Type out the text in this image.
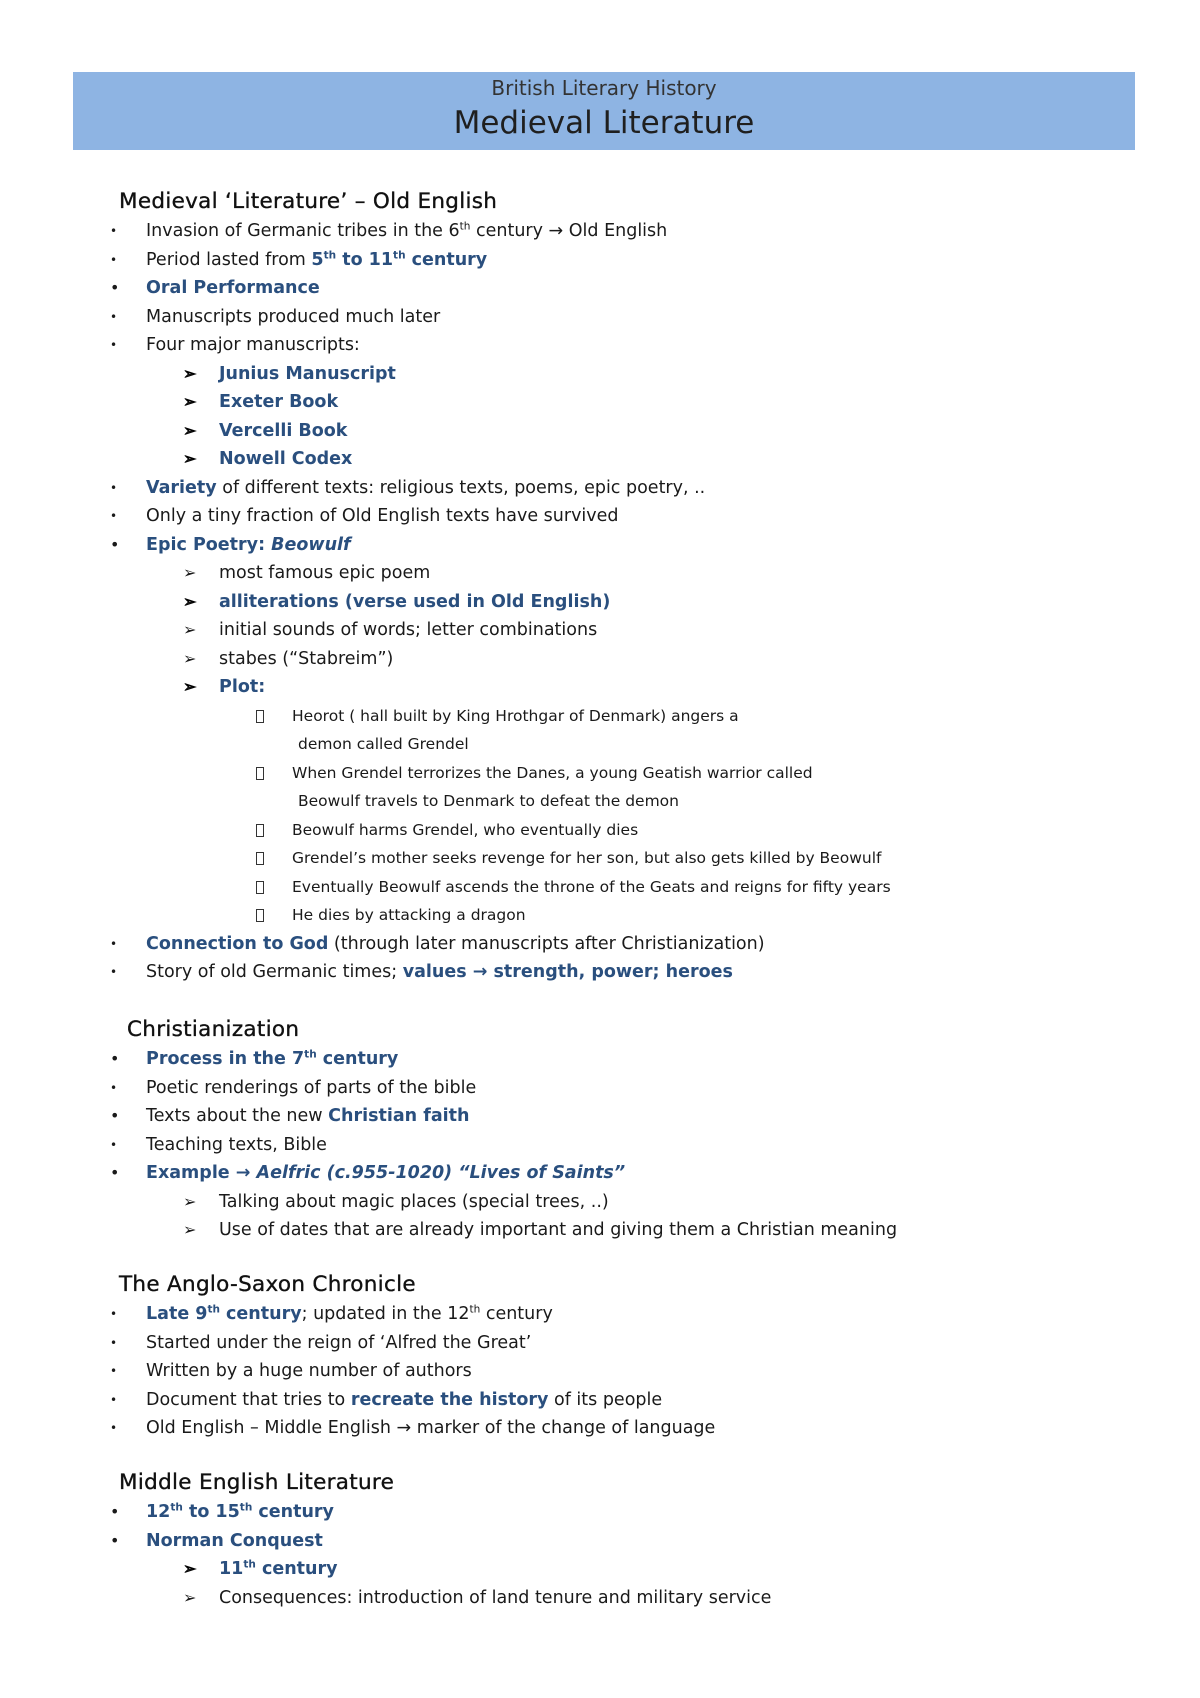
British Literary History
Medieval Literature
Medieval ‘Literature’ – Old English
• Invasion of Germanic tribes in the 6th century → Old English
• Period lasted from 5th to 11th century
• Oral Performance
• Manuscripts produced much later
• Four major manuscripts:
➢ Junius Manuscript
➢ Exeter Book
➢ Vercelli Book
➢ Nowell Codex
• Variety of different texts: religious texts, poems, epic poetry, ..
• Only a tiny fraction of Old English texts have survived
• Epic Poetry: Beowulf
➢ most famous epic poem
➢ alliterations (verse used in Old English)
➢ initial sounds of words; letter combinations
➢ stabes (“Stabreim”)
➢ Plot:
Heorot ( hall built by King Hrothgar of Denmark) angers a
demon called Grendel
When Grendel terrorizes the Danes, a young Geatish warrior called
Beowulf travels to Denmark to defeat the demon
Beowulf harms Grendel, who eventually dies
Grendel’s mother seeks revenge for her son, but also gets killed by Beowulf
Eventually Beowulf ascends the throne of the Geats and reigns for fifty years
He dies by attacking a dragon
• Connection to God (through later manuscripts after Christianization)
• Story of old Germanic times; values → strength, power; heroes
Christianization
• Process in the 7th century
• Poetic renderings of parts of the bible
• Texts about the new Christian faith
• Teaching texts, Bible
• Example → Aelfric (c.955-1020) “Lives of Saints”
➢ Talking about magic places (special trees, ..)
➢ Use of dates that are already important and giving them a Christian meaning
The Anglo-Saxon Chronicle
• Late 9th century; updated in the 12th century
• Started under the reign of ‘Alfred the Great’
• Written by a huge number of authors
• Document that tries to recreate the history of its people
• Old English – Middle English → marker of the change of language
Middle English Literature
• 12th to 15th century
• Norman Conquest
➢ 11th century
➢ Consequences: introduction of land tenure and military service
